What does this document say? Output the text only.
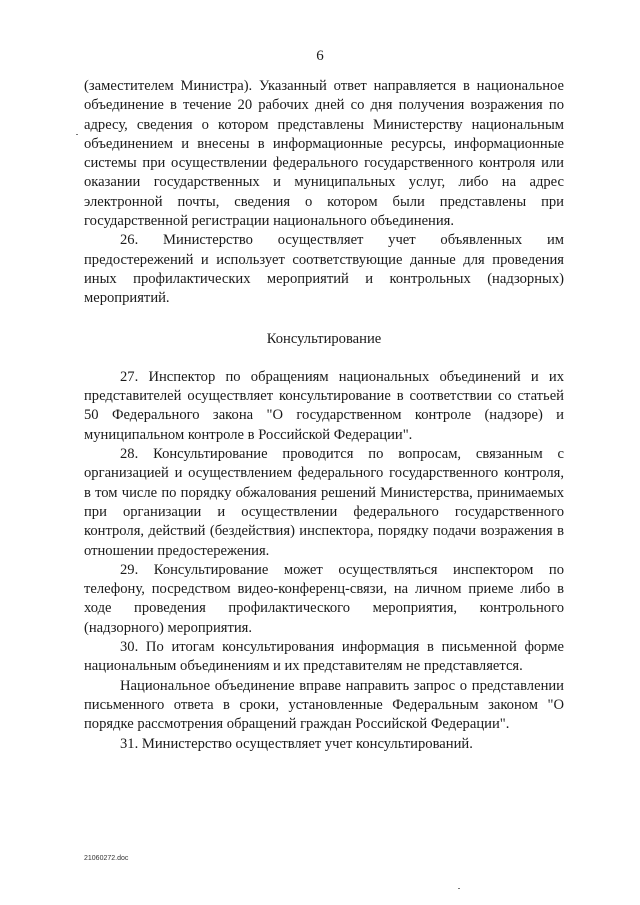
6

(заместителем Министра). Указанный ответ направляется в национальное объединение в течение 20 рабочих дней со дня получения возражения по адресу, сведения о котором представлены Министерству национальным объединением и внесены в информационные ресурсы, информационные системы при осуществлении федерального государственного контроля или оказании государственных и муниципальных услуг, либо на адрес электронной почты, сведения о котором были представлены при государственной регистрации национального объединения.

26. Министерство осуществляет учет объявленных им предостережений и использует соответствующие данные для проведения иных профилактических мероприятий и контрольных (надзорных) мероприятий.

Консультирование

27. Инспектор по обращениям национальных объединений и их представителей осуществляет консультирование в соответствии со статьей 50 Федерального закона "О государственном контроле (надзоре) и муниципальном контроле в Российской Федерации".

28. Консультирование проводится по вопросам, связанным с организацией и осуществлением федерального государственного контроля, в том числе по порядку обжалования решений Министерства, принимаемых при организации и осуществлении федерального государственного контроля, действий (бездействия) инспектора, порядку подачи возражения в отношении предостережения.

29. Консультирование может осуществляться инспектором по телефону, посредством видео-конференц-связи, на личном приеме либо в ходе проведения профилактического мероприятия, контрольного (надзорного) мероприятия.

30. По итогам консультирования информация в письменной форме национальным объединениям и их представителям не представляется.

Национальное объединение вправе направить запрос о представлении письменного ответа в сроки, установленные Федеральным законом "О порядке рассмотрения обращений граждан Российской Федерации".

31. Министерство осуществляет учет консультирований.

21060272.doc
